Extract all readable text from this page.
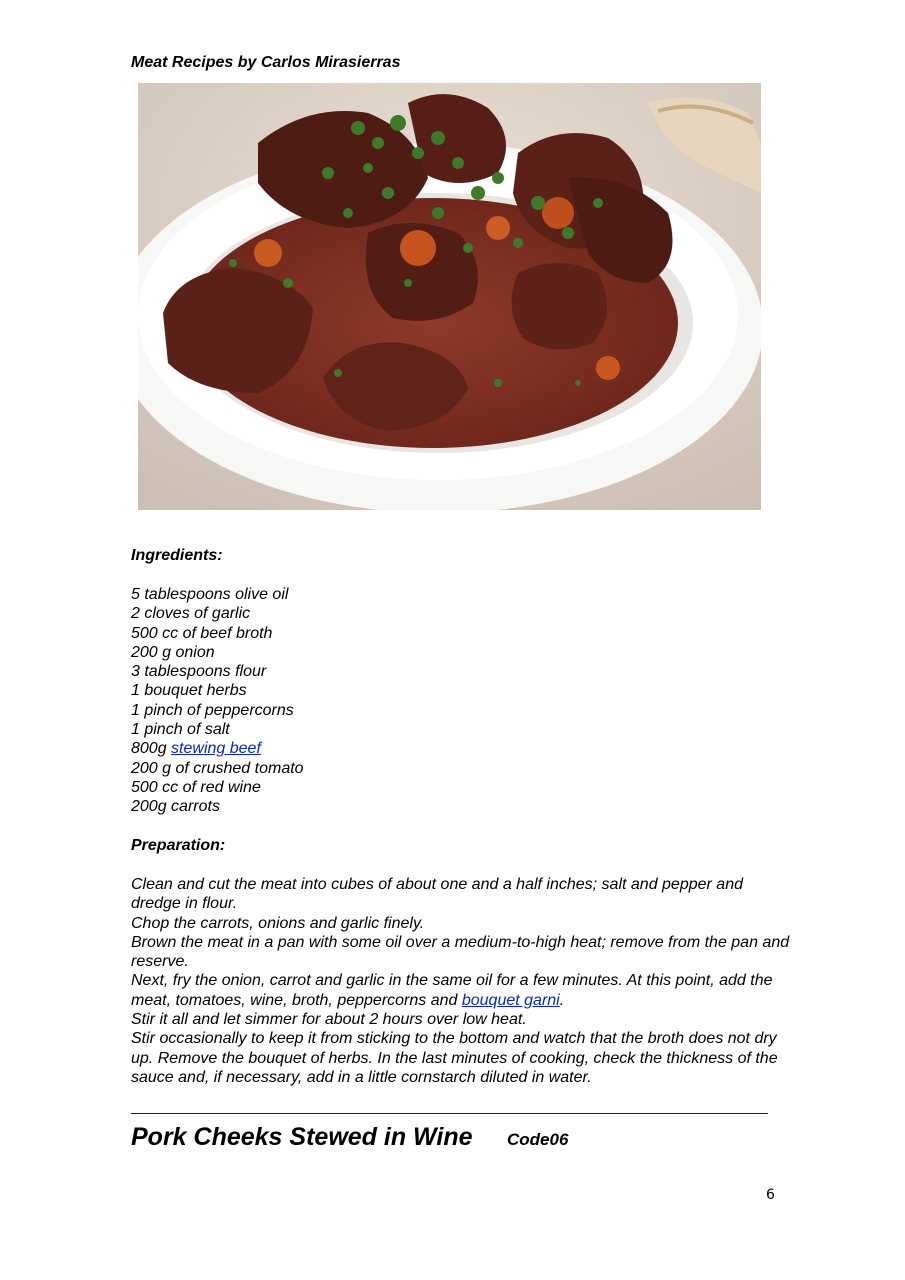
Meat Recipes by Carlos Mirasierras
Ingredients:
5 tablespoons olive oil
2 cloves of garlic
500 cc of beef broth
200 g onion
3 tablespoons flour
1 bouquet herbs
1 pinch of peppercorns
1 pinch of salt
800g stewing beef
200 g of crushed tomato
500 cc of red wine
200g carrots
Preparation:

Clean and cut the meat into cubes of about one and a half inches; salt and pepper and dredge in flour.

Chop the carrots, onions and garlic finely.

Brown the meat in a pan with some oil over a medium-to-high heat; remove from the pan and reserve.

Next, fry the onion, carrot and garlic in the same oil for a few minutes. At this point, add the meat, tomatoes, wine, broth, peppercorns and bouquet garni.

Stir it all and let simmer for about 2 hours over low heat.

Stir occasionally to keep it from sticking to the bottom and watch that the broth does not dry up. Remove the bouquet of herbs. In the last minutes of cooking, check the thickness of the sauce and, if necessary, add in a little cornstarch diluted in water.

Pork Cheeks Stewed in Wine Code06
6
